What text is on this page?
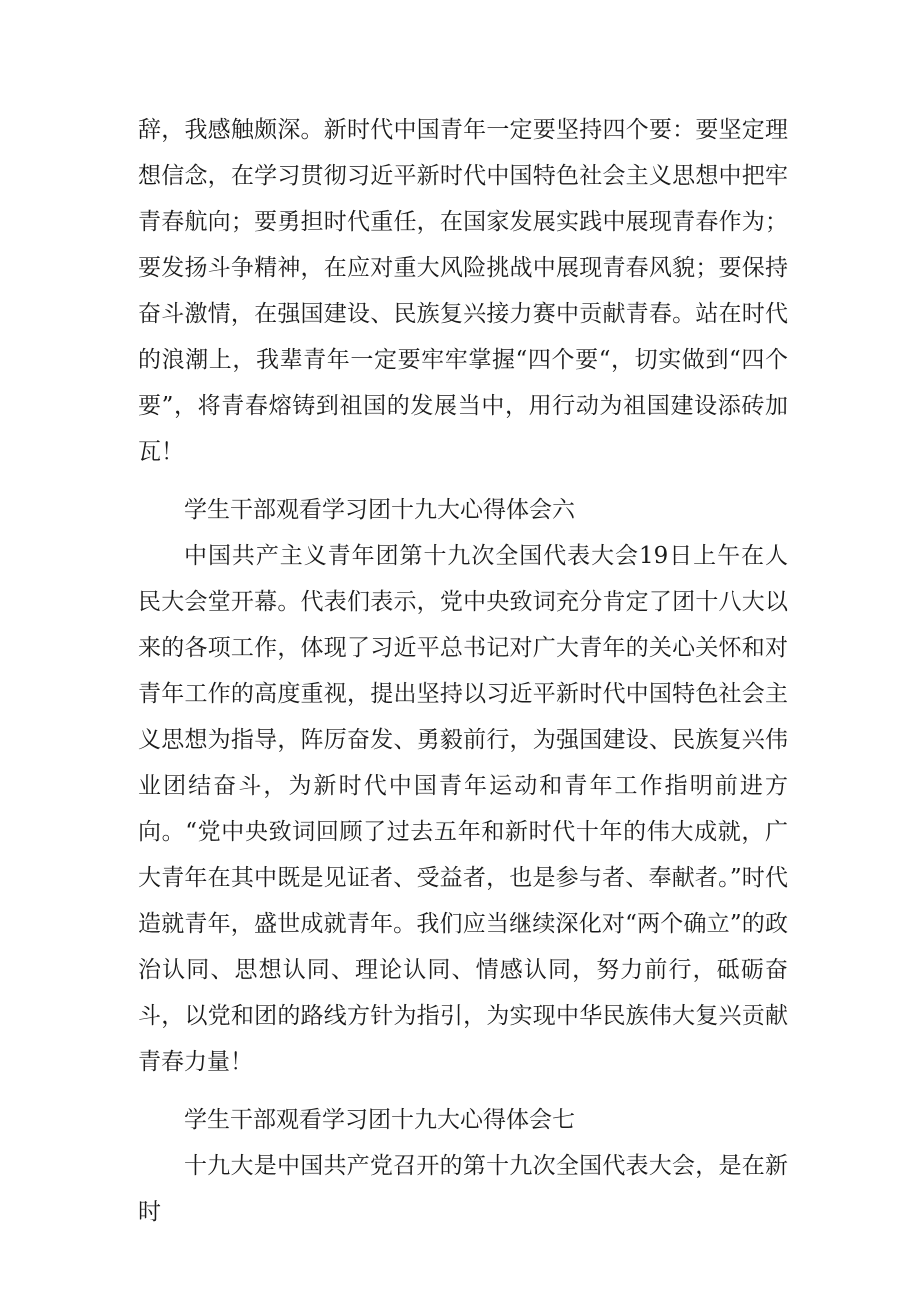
辞，我感触颇深。新时代中国青年一定要坚持四个要：要坚定理想信念，在学习贯彻习近平新时代中国特色社会主义思想中把牢青春航向；要勇担时代重任，在国家发展实践中展现青春作为；要发扬斗争精神，在应对重大风险挑战中展现青春风貌；要保持奋斗激情，在强国建设、民族复兴接力赛中贡献青春。站在时代的浪潮上，我辈青年一定要牢牢掌握“四个要“，切实做到“四个要”，将青春熔铸到祖国的发展当中，用行动为祖国建设添砖加瓦！

学生干部观看学习团十九大心得体会六

中国共产主义青年团第十九次全国代表大会19日上午在人民大会堂开幕。代表们表示，党中央致词充分肯定了团十八大以来的各项工作，体现了习近平总书记对广大青年的关心关怀和对青年工作的高度重视，提出坚持以习近平新时代中国特色社会主义思想为指导，阵厉奋发、勇毅前行，为强国建设、民族复兴伟业团结奋斗，为新时代中国青年运动和青年工作指明前进方向。“党中央致词回顾了过去五年和新时代十年的伟大成就，广大青年在其中既是见证者、受益者，也是参与者、奉献者。”时代造就青年，盛世成就青年。我们应当继续深化对“两个确立”的政治认同、思想认同、理论认同、情感认同，努力前行，砥砺奋斗，以党和团的路线方针为指引，为实现中华民族伟大复兴贡献青春力量！

学生干部观看学习团十九大心得体会七

十九大是中国共产党召开的第十九次全国代表大会，是在新时
